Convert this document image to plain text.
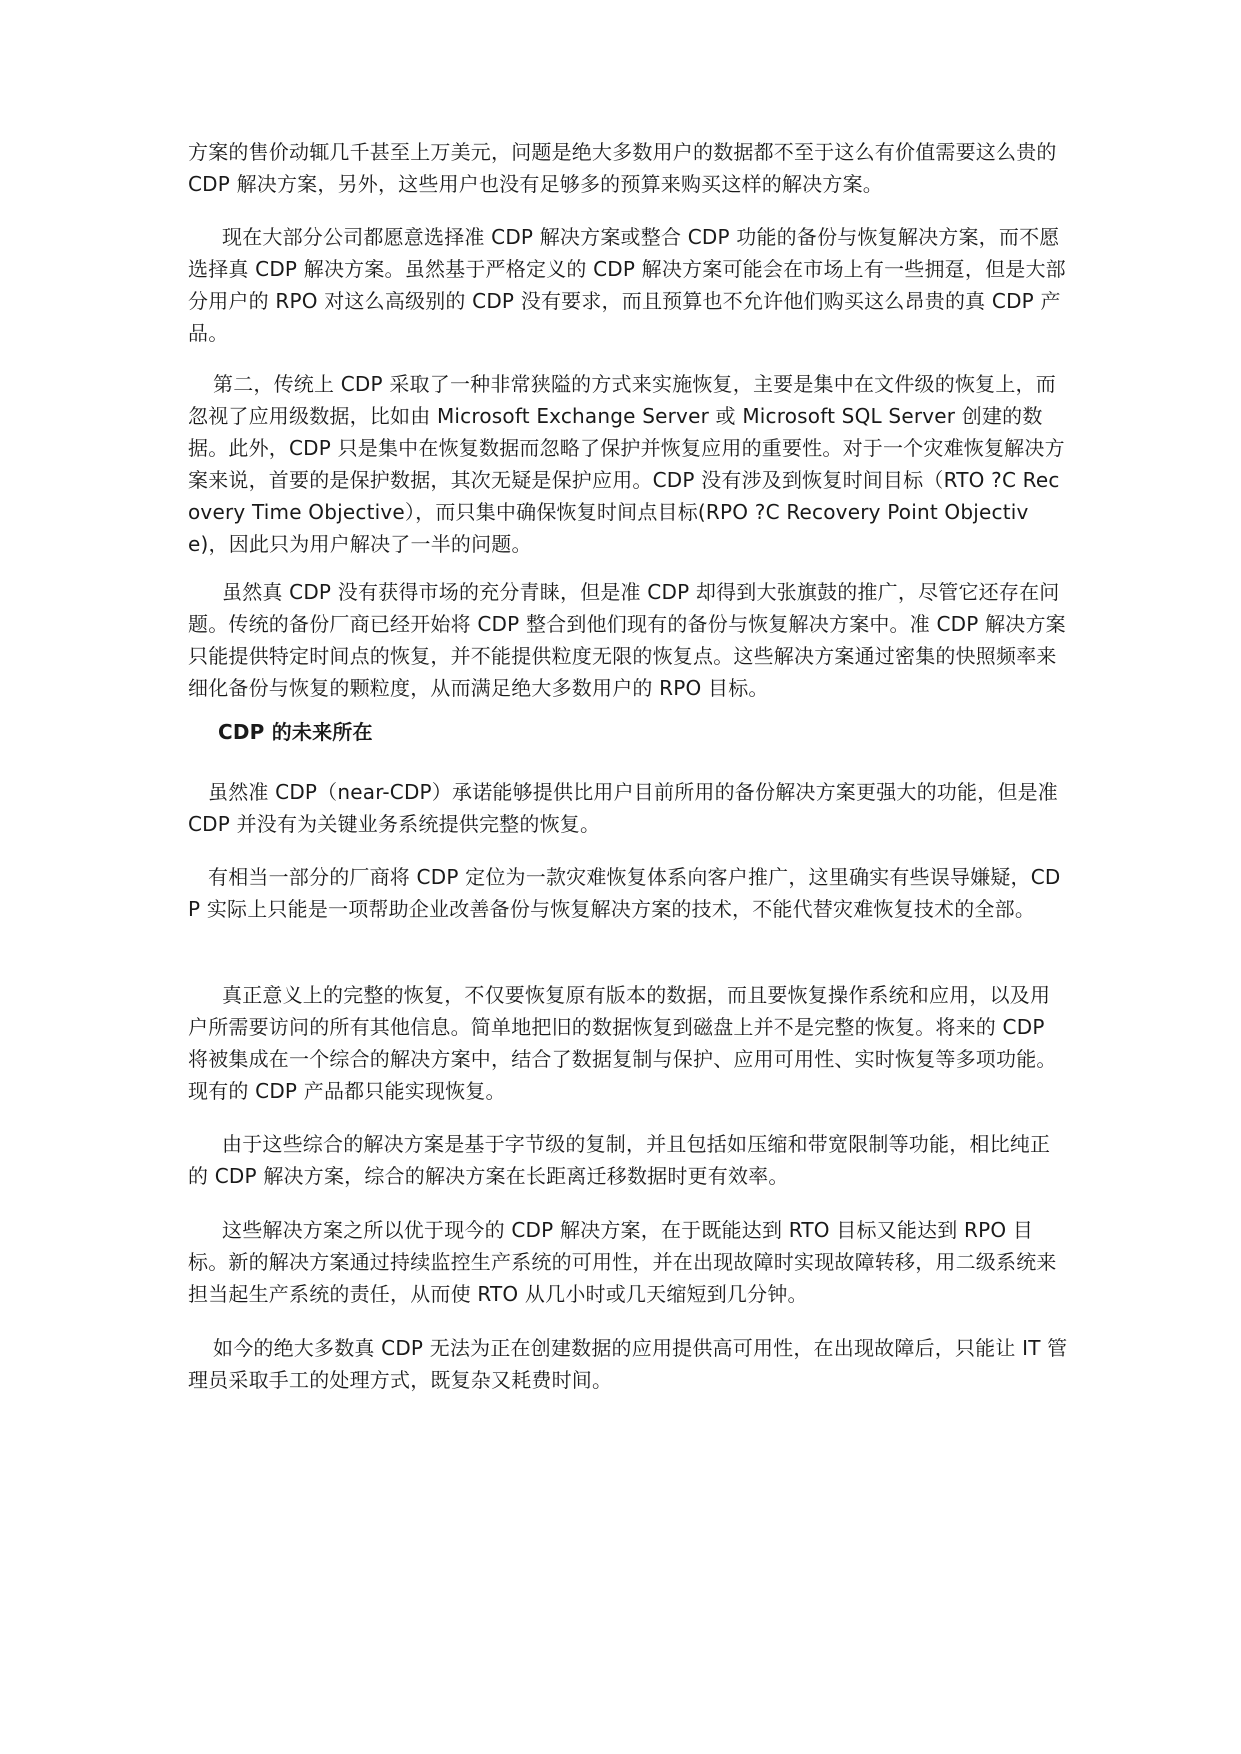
方案的售价动辄几千甚至上万美元，问题是绝大多数用户的数据都不至于这么有价值需要这么贵的 CDP 解决方案，另外，这些用户也没有足够多的预算来购买这样的解决方案。

现在大部分公司都愿意选择准 CDP 解决方案或整合 CDP 功能的备份与恢复解决方案，而不愿选择真 CDP 解决方案。虽然基于严格定义的 CDP 解决方案可能会在市场上有一些拥趸，但是大部分用户的 RPO 对这么高级别的 CDP 没有要求，而且预算也不允许他们购买这么昂贵的真 CDP 产品。

第二，传统上 CDP 采取了一种非常狭隘的方式来实施恢复，主要是集中在文件级的恢复上，而忽视了应用级数据，比如由 Microsoft Exchange Server 或 Microsoft SQL Server 创建的数据。此外，CDP 只是集中在恢复数据而忽略了保护并恢复应用的重要性。对于一个灾难恢复解决方案来说，首要的是保护数据，其次无疑是保护应用。CDP 没有涉及到恢复时间目标（RTO ?C Recovery Time Objective），而只集中确保恢复时间点目标(RPO ?C Recovery Point Objective)，因此只为用户解决了一半的问题。

虽然真 CDP 没有获得市场的充分青睐，但是准 CDP 却得到大张旗鼓的推广，尽管它还存在问题。传统的备份厂商已经开始将 CDP 整合到他们现有的备份与恢复解决方案中。准 CDP 解决方案只能提供特定时间点的恢复，并不能提供粒度无限的恢复点。这些解决方案通过密集的快照频率来细化备份与恢复的颗粒度，从而满足绝大多数用户的 RPO 目标。

CDP 的未来所在

虽然准 CDP（near-CDP）承诺能够提供比用户目前所用的备份解决方案更强大的功能，但是准 CDP 并没有为关键业务系统提供完整的恢复。

有相当一部分的厂商将 CDP 定位为一款灾难恢复体系向客户推广，这里确实有些误导嫌疑，CDP 实际上只能是一项帮助企业改善备份与恢复解决方案的技术，不能代替灾难恢复技术的全部。

真正意义上的完整的恢复，不仅要恢复原有版本的数据，而且要恢复操作系统和应用，以及用户所需要访问的所有其他信息。简单地把旧的数据恢复到磁盘上并不是完整的恢复。将来的 CDP 将被集成在一个综合的解决方案中，结合了数据复制与保护、应用可用性、实时恢复等多项功能。现有的 CDP 产品都只能实现恢复。

由于这些综合的解决方案是基于字节级的复制，并且包括如压缩和带宽限制等功能，相比纯正的 CDP 解决方案，综合的解决方案在长距离迁移数据时更有效率。

这些解决方案之所以优于现今的 CDP 解决方案，在于既能达到 RTO 目标又能达到 RPO 目标。新的解决方案通过持续监控生产系统的可用性，并在出现故障时实现故障转移，用二级系统来担当起生产系统的责任，从而使 RTO 从几小时或几天缩短到几分钟。

如今的绝大多数真 CDP 无法为正在创建数据的应用提供高可用性，在出现故障后，只能让 IT 管理员采取手工的处理方式，既复杂又耗费时间。
